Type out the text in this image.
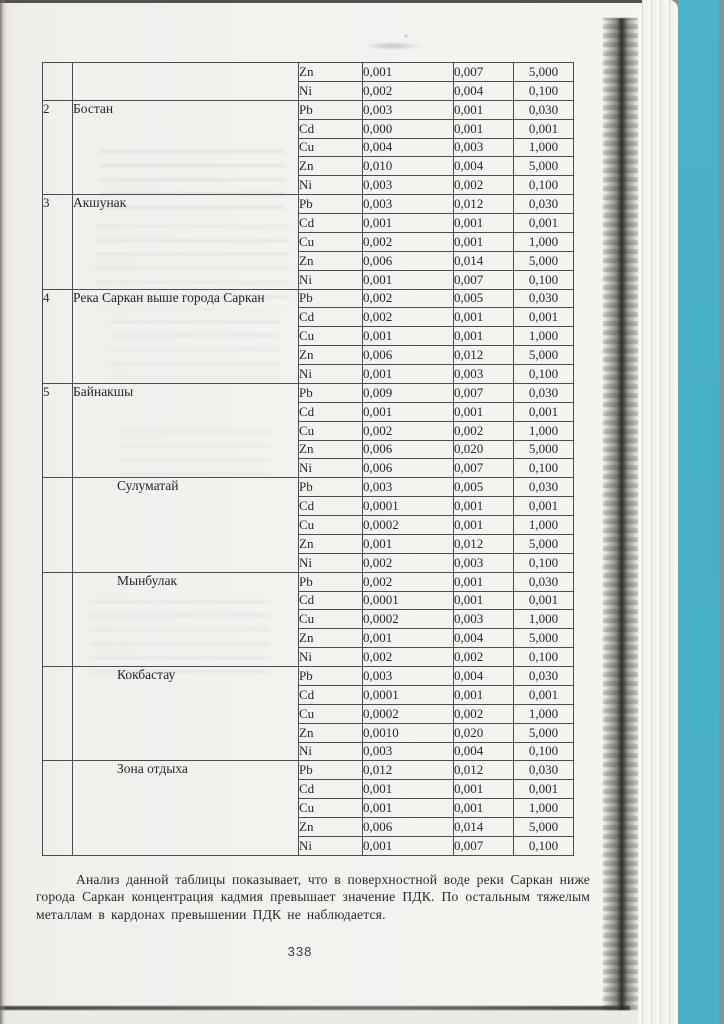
		Zn	0,001	0,007	5,000
		Ni	0,002	0,004	0,100
2	Бостан	Pb	0,003	0,001	0,030
		Cd	0,000	0,001	0,001
		Cu	0,004	0,003	1,000
		Zn	0,010	0,004	5,000
		Ni	0,003	0,002	0,100
3	Акшунак	Pb	0,003	0,012	0,030
		Cd	0,001	0,001	0,001
		Cu	0,002	0,001	1,000
		Zn	0,006	0,014	5,000
		Ni	0,001	0,007	0,100
4	Река Саркан выше города Саркан	Pb	0,002	0,005	0,030
		Cd	0,002	0,001	0,001
		Cu	0,001	0,001	1,000
		Zn	0,006	0,012	5,000
		Ni	0,001	0,003	0,100
5	Байнакшы	Pb	0,009	0,007	0,030
		Cd	0,001	0,001	0,001
		Cu	0,002	0,002	1,000
		Zn	0,006	0,020	5,000
		Ni	0,006	0,007	0,100
	Сулуматай	Pb	0,003	0,005	0,030
		Cd	0,0001	0,001	0,001
		Cu	0,0002	0,001	1,000
		Zn	0,001	0,012	5,000
		Ni	0,002	0,003	0,100
	Мынбулак	Pb	0,002	0,001	0,030
		Cd	0,0001	0,001	0,001
		Cu	0,0002	0,003	1,000
		Zn	0,001	0,004	5,000
		Ni	0,002	0,002	0,100
	Кокбастау	Pb	0,003	0,004	0,030
		Cd	0,0001	0,001	0,001
		Cu	0,0002	0,002	1,000
		Zn	0,0010	0,020	5,000
		Ni	0,003	0,004	0,100
	Зона отдыха	Pb	0,012	0,012	0,030
		Cd	0,001	0,001	0,001
		Cu	0,001	0,001	1,000
		Zn	0,006	0,014	5,000
		Ni	0,001	0,007	0,100

Анализ данной таблицы показывает, что в поверхностной воде реки Саркан ниже города Саркан концентрация кадмия превышает значение ПДК. По остальным тяжелым металлам в кардонах превышении ПДК не наблюдается.

338
